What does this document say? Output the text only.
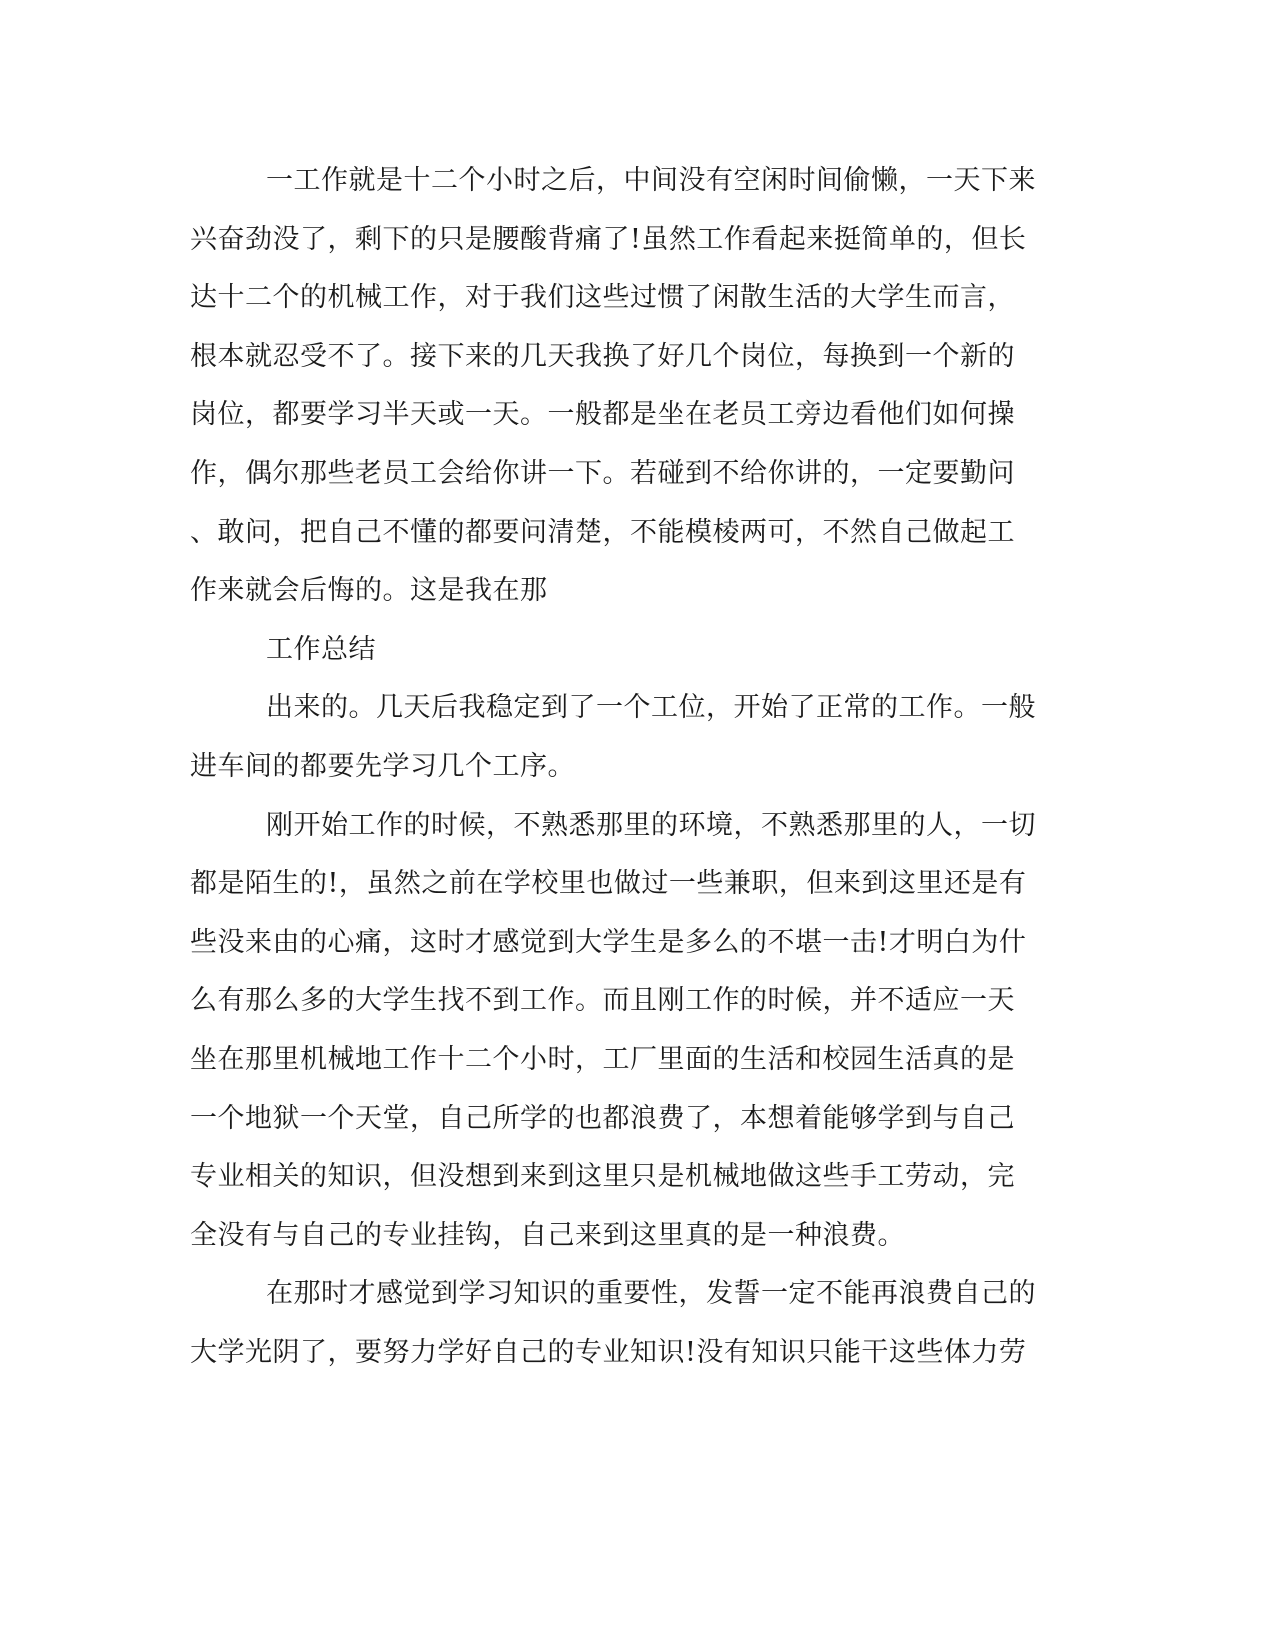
一工作就是十二个小时之后，中间没有空闲时间偷懒，一天下来
兴奋劲没了，剩下的只是腰酸背痛了!虽然工作看起来挺简单的，但长
达十二个的机械工作，对于我们这些过惯了闲散生活的大学生而言，
根本就忍受不了。接下来的几天我换了好几个岗位，每换到一个新的
岗位，都要学习半天或一天。一般都是坐在老员工旁边看他们如何操
作，偶尔那些老员工会给你讲一下。若碰到不给你讲的，一定要勤问
、敢问，把自己不懂的都要问清楚，不能模棱两可，不然自己做起工
作来就会后悔的。这是我在那
工作总结
出来的。几天后我稳定到了一个工位，开始了正常的工作。一般
进车间的都要先学习几个工序。
刚开始工作的时候，不熟悉那里的环境，不熟悉那里的人，一切
都是陌生的!，虽然之前在学校里也做过一些兼职，但来到这里还是有
些没来由的心痛，这时才感觉到大学生是多么的不堪一击!才明白为什
么有那么多的大学生找不到工作。而且刚工作的时候，并不适应一天
坐在那里机械地工作十二个小时，工厂里面的生活和校园生活真的是
一个地狱一个天堂，自己所学的也都浪费了，本想着能够学到与自己
专业相关的知识，但没想到来到这里只是机械地做这些手工劳动，完
全没有与自己的专业挂钩，自己来到这里真的是一种浪费。
在那时才感觉到学习知识的重要性，发誓一定不能再浪费自己的
大学光阴了，要努力学好自己的专业知识!没有知识只能干这些体力劳
